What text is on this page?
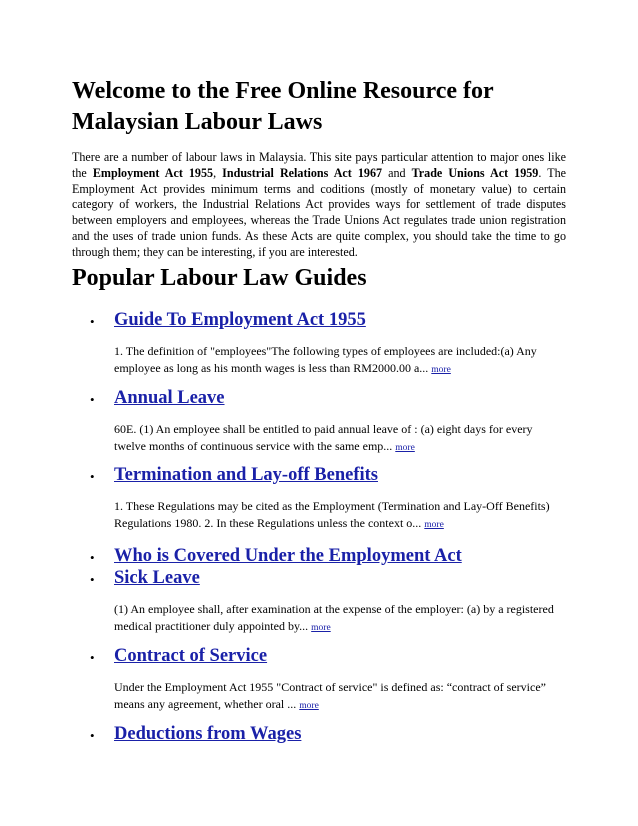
Welcome to the Free Online Resource for Malaysian Labour Laws

There are a number of labour laws in Malaysia. This site pays particular attention to major ones like the Employment Act 1955, Industrial Relations Act 1967 and Trade Unions Act 1959. The Employment Act provides minimum terms and coditions (mostly of monetary value) to certain category of workers, the Industrial Relations Act provides ways for settlement of trade disputes between employers and employees, whereas the Trade Unions Act regulates trade union registration and the uses of trade union funds. As these Acts are quite complex, you should take the time to go through them; they can be interesting, if you are interested.

Popular Labour Law Guides
• Guide To Employment Act 1955

1. The definition of "employees"The following types of employees are included:(a) Any employee as long as his month wages is less than RM2000.00 a... more

• Annual Leave

60E. (1) An employee shall be entitled to paid annual leave of : (a) eight days for every twelve months of continuous service with the same emp... more

• Termination and Lay-off Benefits

1. These Regulations may be cited as the Employment (Termination and Lay-Off Benefits) Regulations 1980. 2. In these Regulations unless the context o... more

• Who is Covered Under the Employment Act
• Sick Leave

(1) An employee shall, after examination at the expense of the employer: (a) by a registered medical practitioner duly appointed by... more

• Contract of Service

Under the Employment Act 1955 "Contract of service" is defined as: “contract of service” means any agreement, whether oral ... more

• Deductions from Wages
